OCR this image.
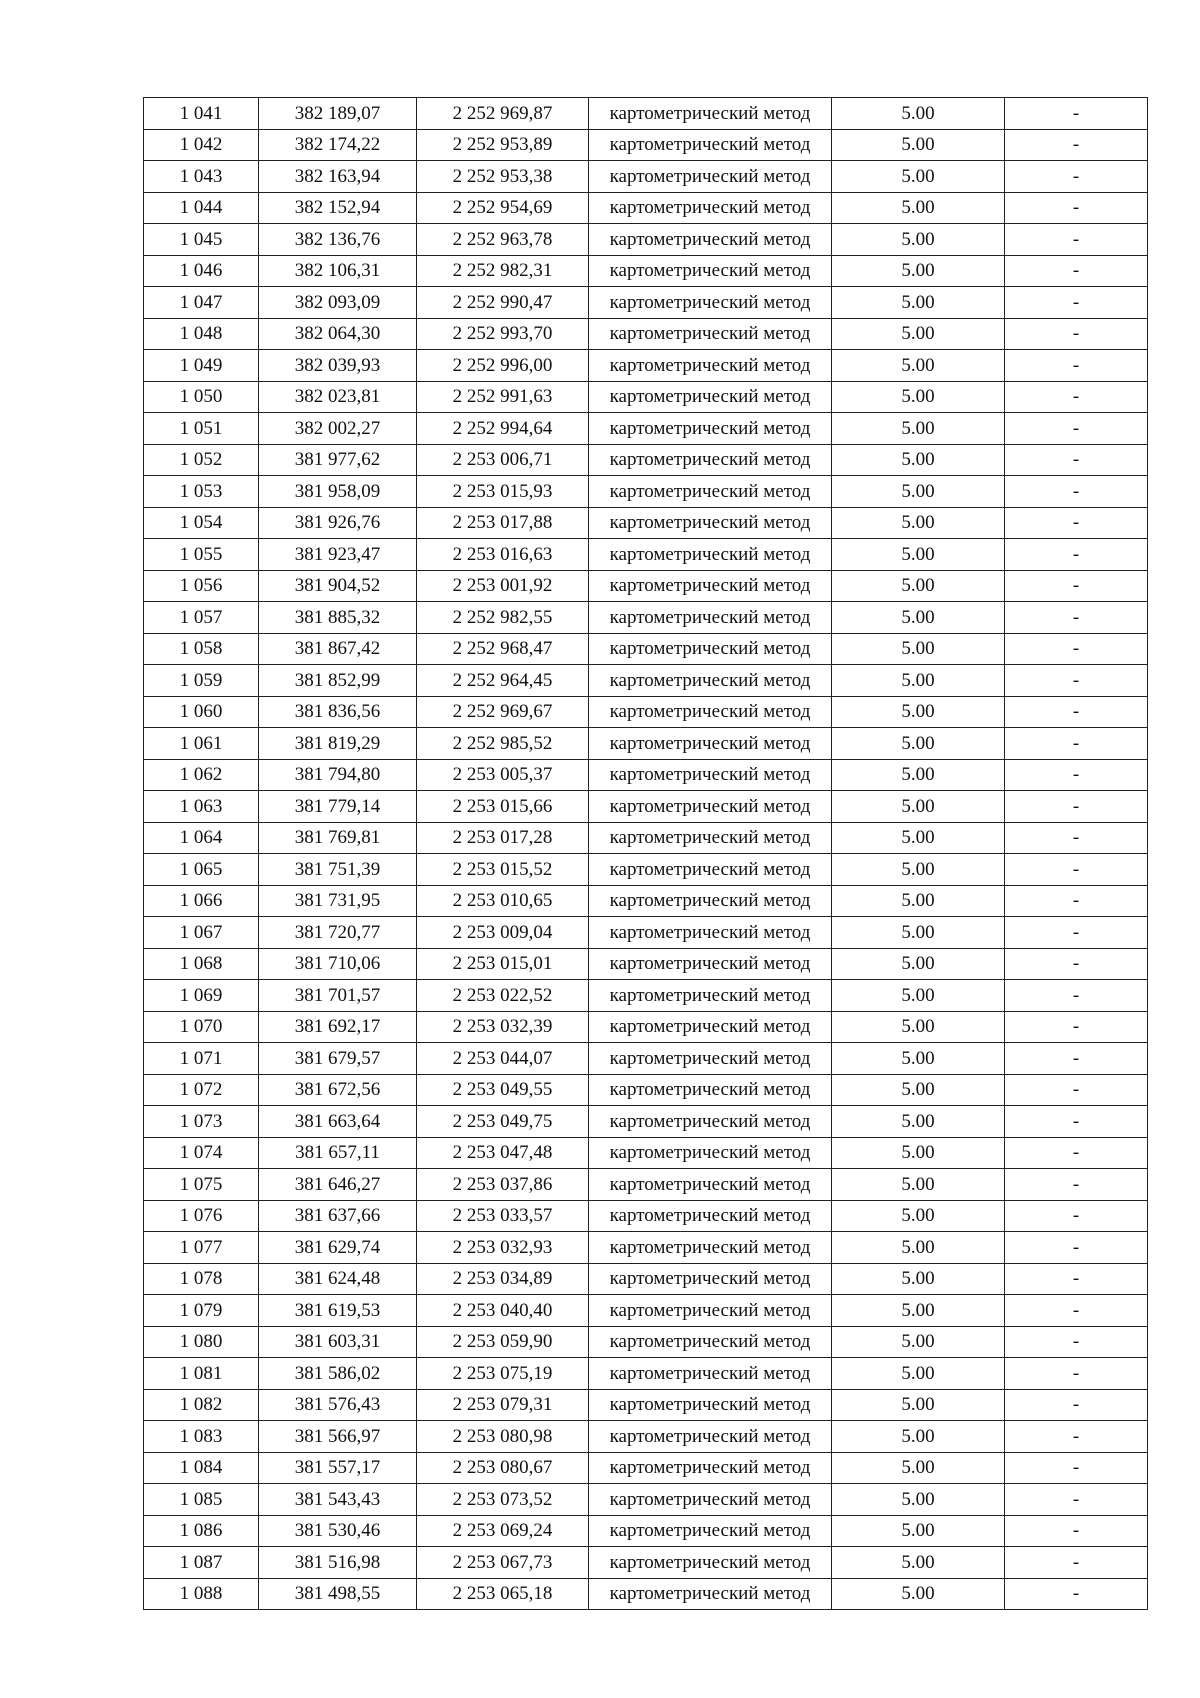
1 041	382 189,07	2 252 969,87	картометрический метод	5.00	-
1 042	382 174,22	2 252 953,89	картометрический метод	5.00	-
1 043	382 163,94	2 252 953,38	картометрический метод	5.00	-
1 044	382 152,94	2 252 954,69	картометрический метод	5.00	-
1 045	382 136,76	2 252 963,78	картометрический метод	5.00	-
1 046	382 106,31	2 252 982,31	картометрический метод	5.00	-
1 047	382 093,09	2 252 990,47	картометрический метод	5.00	-
1 048	382 064,30	2 252 993,70	картометрический метод	5.00	-
1 049	382 039,93	2 252 996,00	картометрический метод	5.00	-
1 050	382 023,81	2 252 991,63	картометрический метод	5.00	-
1 051	382 002,27	2 252 994,64	картометрический метод	5.00	-
1 052	381 977,62	2 253 006,71	картометрический метод	5.00	-
1 053	381 958,09	2 253 015,93	картометрический метод	5.00	-
1 054	381 926,76	2 253 017,88	картометрический метод	5.00	-
1 055	381 923,47	2 253 016,63	картометрический метод	5.00	-
1 056	381 904,52	2 253 001,92	картометрический метод	5.00	-
1 057	381 885,32	2 252 982,55	картометрический метод	5.00	-
1 058	381 867,42	2 252 968,47	картометрический метод	5.00	-
1 059	381 852,99	2 252 964,45	картометрический метод	5.00	-
1 060	381 836,56	2 252 969,67	картометрический метод	5.00	-
1 061	381 819,29	2 252 985,52	картометрический метод	5.00	-
1 062	381 794,80	2 253 005,37	картометрический метод	5.00	-
1 063	381 779,14	2 253 015,66	картометрический метод	5.00	-
1 064	381 769,81	2 253 017,28	картометрический метод	5.00	-
1 065	381 751,39	2 253 015,52	картометрический метод	5.00	-
1 066	381 731,95	2 253 010,65	картометрический метод	5.00	-
1 067	381 720,77	2 253 009,04	картометрический метод	5.00	-
1 068	381 710,06	2 253 015,01	картометрический метод	5.00	-
1 069	381 701,57	2 253 022,52	картометрический метод	5.00	-
1 070	381 692,17	2 253 032,39	картометрический метод	5.00	-
1 071	381 679,57	2 253 044,07	картометрический метод	5.00	-
1 072	381 672,56	2 253 049,55	картометрический метод	5.00	-
1 073	381 663,64	2 253 049,75	картометрический метод	5.00	-
1 074	381 657,11	2 253 047,48	картометрический метод	5.00	-
1 075	381 646,27	2 253 037,86	картометрический метод	5.00	-
1 076	381 637,66	2 253 033,57	картометрический метод	5.00	-
1 077	381 629,74	2 253 032,93	картометрический метод	5.00	-
1 078	381 624,48	2 253 034,89	картометрический метод	5.00	-
1 079	381 619,53	2 253 040,40	картометрический метод	5.00	-
1 080	381 603,31	2 253 059,90	картометрический метод	5.00	-
1 081	381 586,02	2 253 075,19	картометрический метод	5.00	-
1 082	381 576,43	2 253 079,31	картометрический метод	5.00	-
1 083	381 566,97	2 253 080,98	картометрический метод	5.00	-
1 084	381 557,17	2 253 080,67	картометрический метод	5.00	-
1 085	381 543,43	2 253 073,52	картометрический метод	5.00	-
1 086	381 530,46	2 253 069,24	картометрический метод	5.00	-
1 087	381 516,98	2 253 067,73	картометрический метод	5.00	-
1 088	381 498,55	2 253 065,18	картометрический метод	5.00	-
